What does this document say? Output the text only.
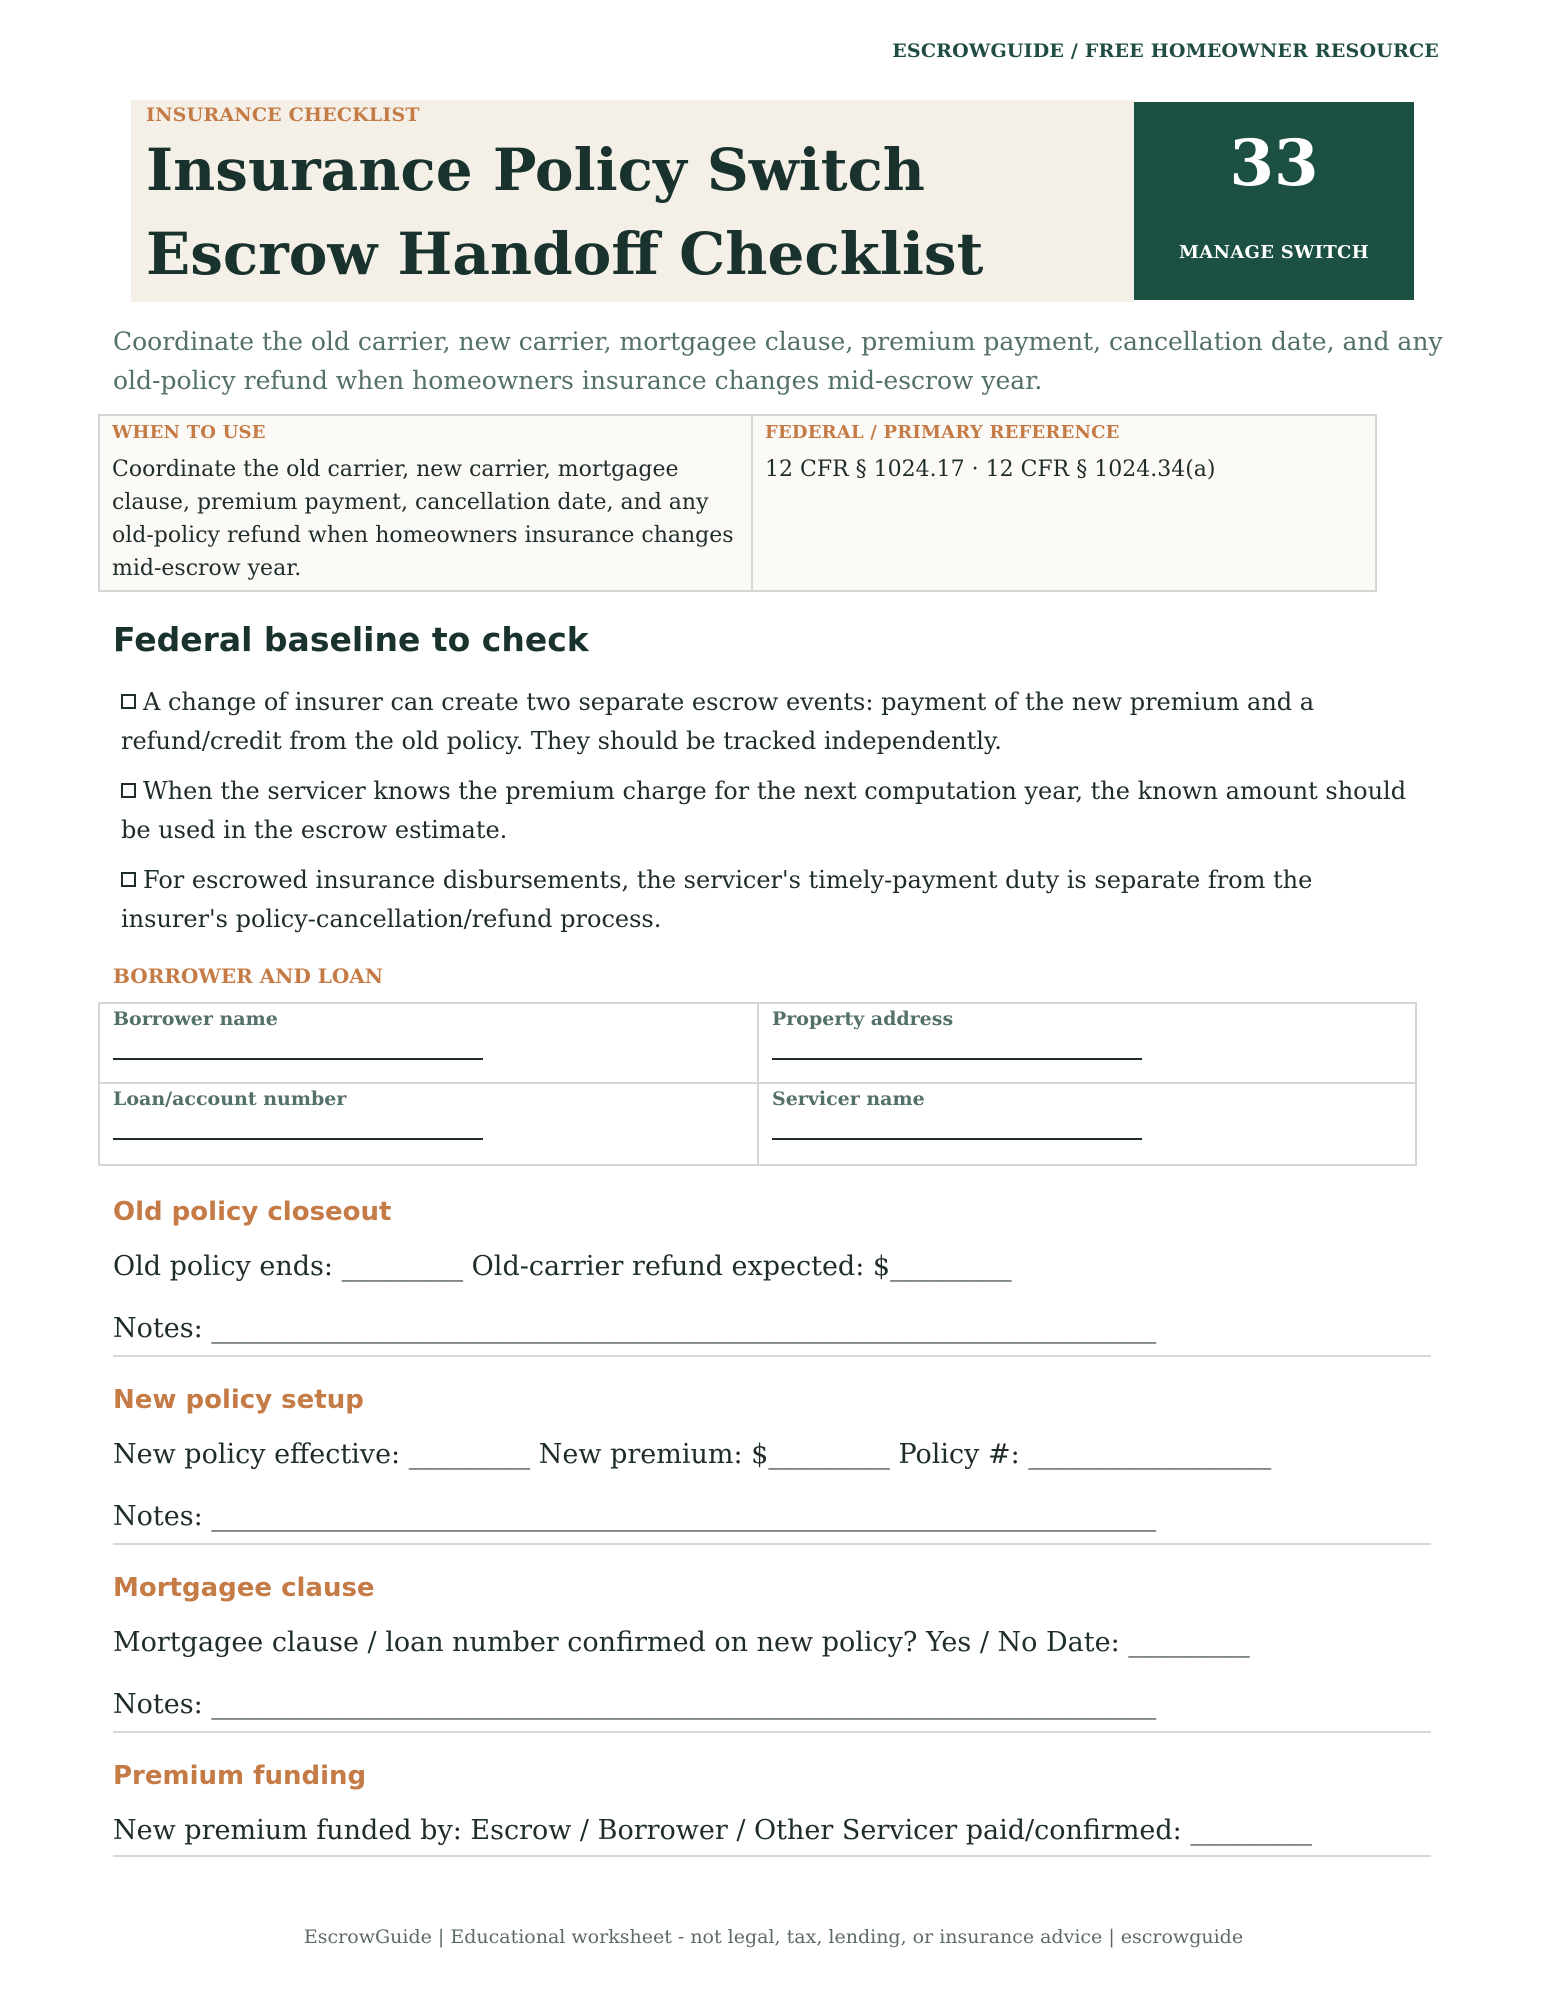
ESCROWGUIDE / FREE HOMEOWNER RESOURCE
INSURANCE CHECKLIST
Insurance Policy Switch Escrow Handoff Checklist
33
MANAGE SWITCH
Coordinate the old carrier, new carrier, mortgagee clause, premium payment, cancellation date, and any old-policy refund when homeowners insurance changes mid-escrow year.
WHEN TO USE
Coordinate the old carrier, new carrier, mortgagee clause, premium payment, cancellation date, and any old-policy refund when homeowners insurance changes mid-escrow year.
FEDERAL / PRIMARY REFERENCE
12 CFR § 1024.17 · 12 CFR § 1024.34(a)
Federal baseline to check
A change of insurer can create two separate escrow events: payment of the new premium and a refund/credit from the old policy. They should be tracked independently.
When the servicer knows the premium charge for the next computation year, the known amount should be used in the escrow estimate.
For escrowed insurance disbursements, the servicer's timely-payment duty is separate from the insurer's policy-cancellation/refund process.
BORROWER AND LOAN
Borrower name	Property address
Loan/account number	Servicer name
Old policy closeout
Old policy ends: _________ Old-carrier refund expected: $_________
Notes: ______________________________________________________________________
New policy setup
New policy effective: _________ New premium: $_________ Policy #: __________________
Notes: ______________________________________________________________________
Mortgagee clause
Mortgagee clause / loan number confirmed on new policy? Yes / No Date: _________
Notes: ______________________________________________________________________
Premium funding
New premium funded by: Escrow / Borrower / Other Servicer paid/confirmed: _________
EscrowGuide | Educational worksheet - not legal, tax, lending, or insurance advice | escrowguide
